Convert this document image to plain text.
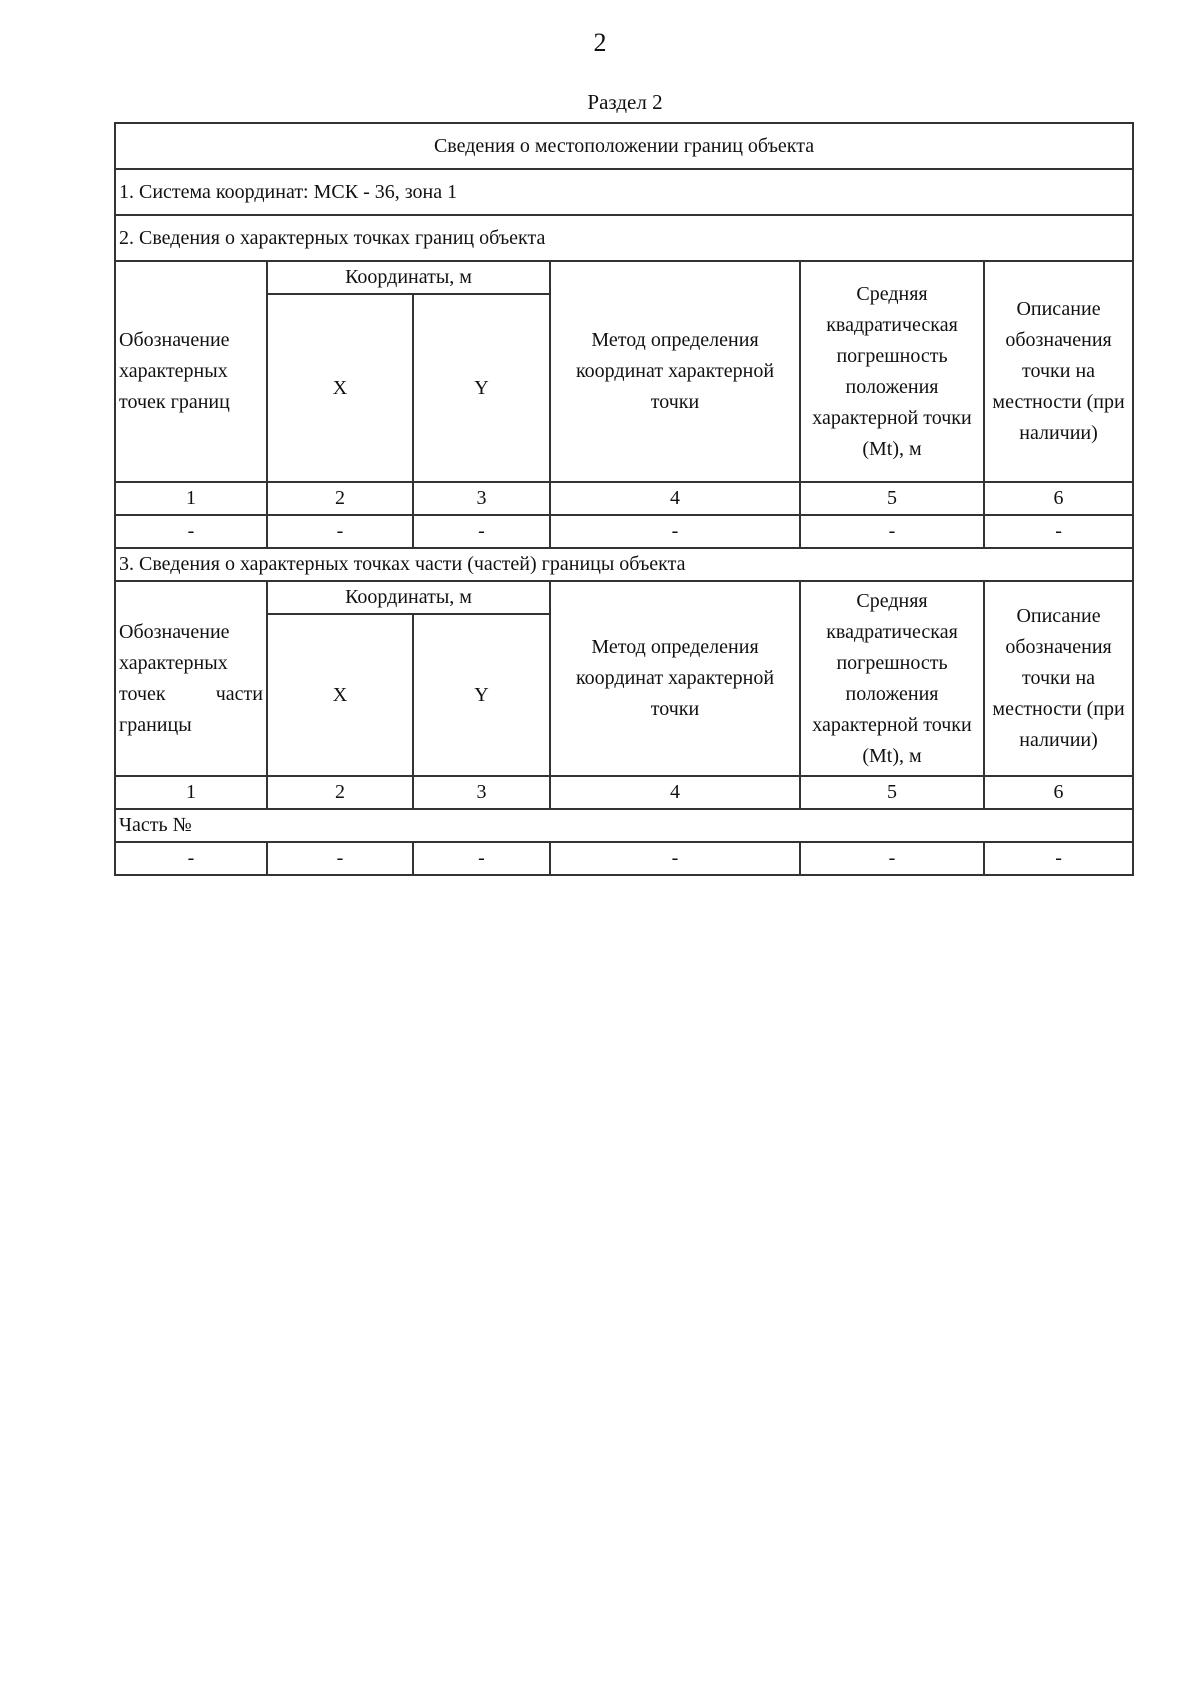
2
Раздел 2
Сведения о местоположении границ объекта					
1. Система координат: МСК - 36, зона 1					
2. Сведения о характерных точках границ объекта					
Обозначение характерных точек границ	Координаты, м		Метод определения координат характерной точки	Средняя квадратическая погрешность положения характерной точки (Mt), м	Описание обозначения точки на местности (при наличии)
	X	Y			
1	2	3	4	5	6
-	-	-	-	-	-
3. Сведения о характерных точках части (частей) границы объекта					

Обозначение
характерных
точек части
границы	Координаты, м		Метод определения координат характерной точки	Средняя квадратическая погрешность положения характерной точки (Mt), м	Описание обозначения точки на местности (при наличии)
	X	Y			
1	2	3	4	5	6
Часть №					
-	-	-	-	-	-
